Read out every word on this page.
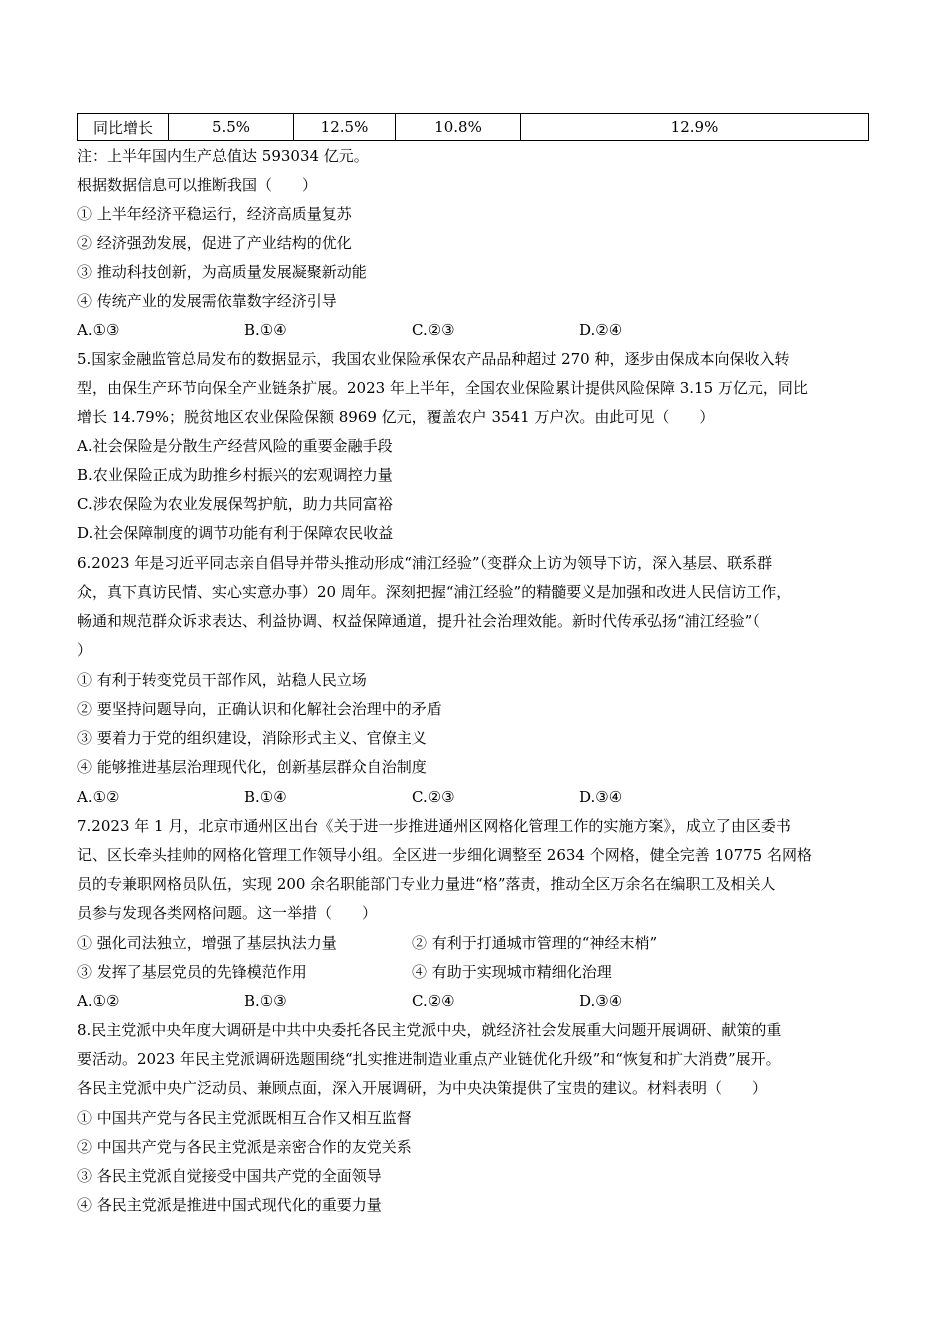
同比增长	5.5%	12.5%	10.8%	12.9%
注：上半年国内生产总值达 593034 亿元。
根据数据信息可以推断我国（　　）
① 上半年经济平稳运行，经济高质量复苏
② 经济强劲发展，促进了产业结构的优化
③ 推动科技创新，为高质量发展凝聚新动能
④ 传统产业的发展需依靠数字经济引导
A.①③	B.①④	C.②③	D.②④
5.国家金融监管总局发布的数据显示，我国农业保险承保农产品品种超过 270 种，逐步由保成本向保收入转
型，由保生产环节向保全产业链条扩展。2023 年上半年，全国农业保险累计提供风险保障 3.15 万亿元，同比
增长 14.79%；脱贫地区农业保险保额 8969 亿元，覆盖农户 3541 万户次。由此可见（　　）
A.社会保险是分散生产经营风险的重要金融手段
B.农业保险正成为助推乡村振兴的宏观调控力量
C.涉农保险为农业发展保驾护航，助力共同富裕
D.社会保障制度的调节功能有利于保障农民收益
6.2023 年是习近平同志亲自倡导并带头推动形成“浦江经验”（变群众上访为领导下访，深入基层、联系群
众，真下真访民情、实心实意办事）20 周年。深刻把握“浦江经验”的精髓要义是加强和改进人民信访工作，
畅通和规范群众诉求表达、利益协调、权益保障通道，提升社会治理效能。新时代传承弘扬“浦江经验”（
）
① 有利于转变党员干部作风，站稳人民立场
② 要坚持问题导向，正确认识和化解社会治理中的矛盾
③ 要着力于党的组织建设，消除形式主义、官僚主义
④ 能够推进基层治理现代化，创新基层群众自治制度
A.①②	B.①④	C.②③	D.③④
7.2023 年 1 月，北京市通州区出台《关于进一步推进通州区网格化管理工作的实施方案》，成立了由区委书
记、区长牵头挂帅的网格化管理工作领导小组。全区进一步细化调整至 2634 个网格，健全完善 10775 名网格
员的专兼职网格员队伍，实现 200 余名职能部门专业力量进“格”落责，推动全区万余名在编职工及相关人
员参与发现各类网格问题。这一举措（　　）
① 强化司法独立，增强了基层执法力量	② 有利于打通城市管理的“神经末梢”
③ 发挥了基层党员的先锋模范作用	④ 有助于实现城市精细化治理
A.①②	B.①③	C.②④	D.③④
8.民主党派中央年度大调研是中共中央委托各民主党派中央，就经济社会发展重大问题开展调研、献策的重
要活动。2023 年民主党派调研选题围绕“扎实推进制造业重点产业链优化升级”和“恢复和扩大消费”展开。
各民主党派中央广泛动员、兼顾点面，深入开展调研，为中央决策提供了宝贵的建议。材料表明（　　）
① 中国共产党与各民主党派既相互合作又相互监督
② 中国共产党与各民主党派是亲密合作的友党关系
③ 各民主党派自觉接受中国共产党的全面领导
④ 各民主党派是推进中国式现代化的重要力量
